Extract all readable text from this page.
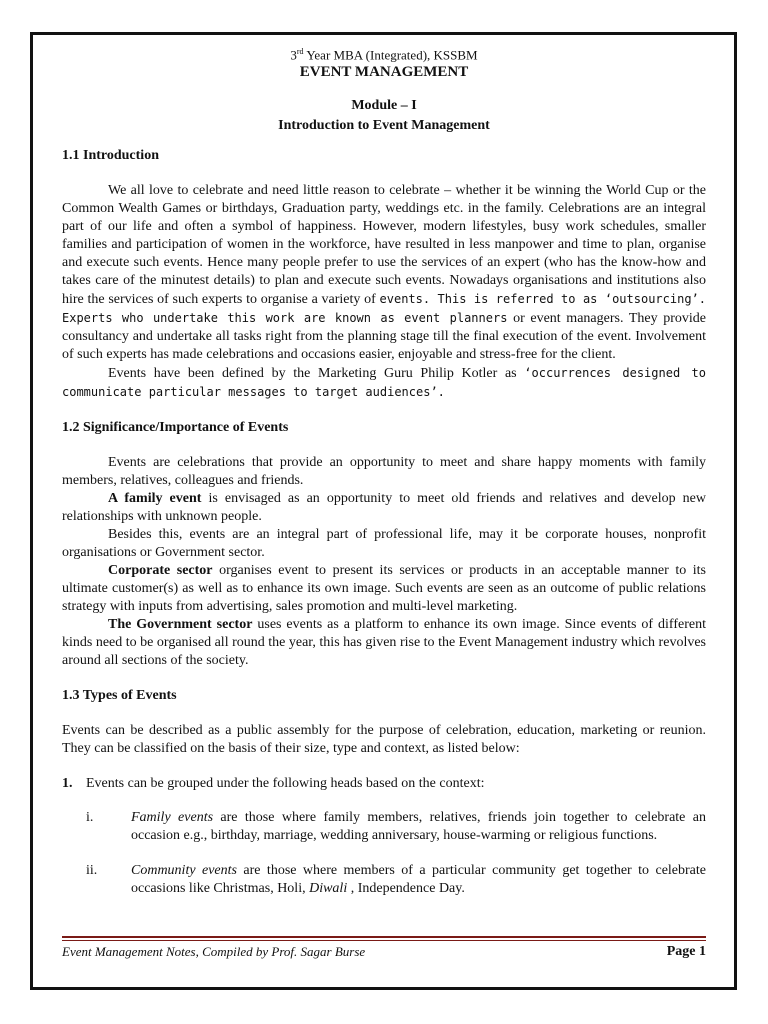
3rd Year MBA (Integrated), KSSBM
EVENT MANAGEMENT
Module – I
Introduction to Event Management
1.1 Introduction

We all love to celebrate and need little reason to celebrate – whether it be winning the World Cup or the Common Wealth Games or birthdays, Graduation party, weddings etc. in the family. Celebrations are an integral part of our life and often a symbol of happiness. However, modern lifestyles, busy work schedules, smaller families and participation of women in the workforce, have resulted in less manpower and time to plan, organise and execute such events. Hence many people prefer to use the services of an expert (who has the know-how and takes care of the minutest details) to plan and execute such events. Nowadays organisations and institutions also hire the services of such experts to organise a variety of events. This is referred to as ‘outsourcing’. Experts who undertake this work are known as event planners or event managers. They provide consultancy and undertake all tasks right from the planning stage till the final execution of the event. Involvement of such experts has made celebrations and occasions easier, enjoyable and stress-free for the client.

Events have been defined by the Marketing Guru Philip Kotler as ‘occurrences designed to communicate particular messages to target audiences’.

1.2 Significance/Importance of Events

Events are celebrations that provide an opportunity to meet and share happy moments with family members, relatives, colleagues and friends.

A family event is envisaged as an opportunity to meet old friends and relatives and develop new relationships with unknown people.

Besides this, events are an integral part of professional life, may it be corporate houses, nonprofit organisations or Government sector.

Corporate sector organises event to present its services or products in an acceptable manner to its ultimate customer(s) as well as to enhance its own image. Such events are seen as an outcome of public relations strategy with inputs from advertising, sales promotion and multi-level marketing.

The Government sector uses events as a platform to enhance its own image. Since events of different kinds need to be organised all round the year, this has given rise to the Event Management industry which revolves around all sections of the society.

1.3 Types of Events

Events can be described as a public assembly for the purpose of celebration, education, marketing or reunion. They can be classified on the basis of their size, type and context, as listed below:

1. Events can be grouped under the following heads based on the context:
i.	Family events are those where family members, relatives, friends join together to celebrate an occasion e.g., birthday, marriage, wedding anniversary, house-warming or religious functions.
ii. Community events are those where members of a particular community get together to celebrate occasions like Christmas, Holi, Diwali , Independence Day.
Event Management Notes, Compiled by Prof. Sagar Burse	Page 1
